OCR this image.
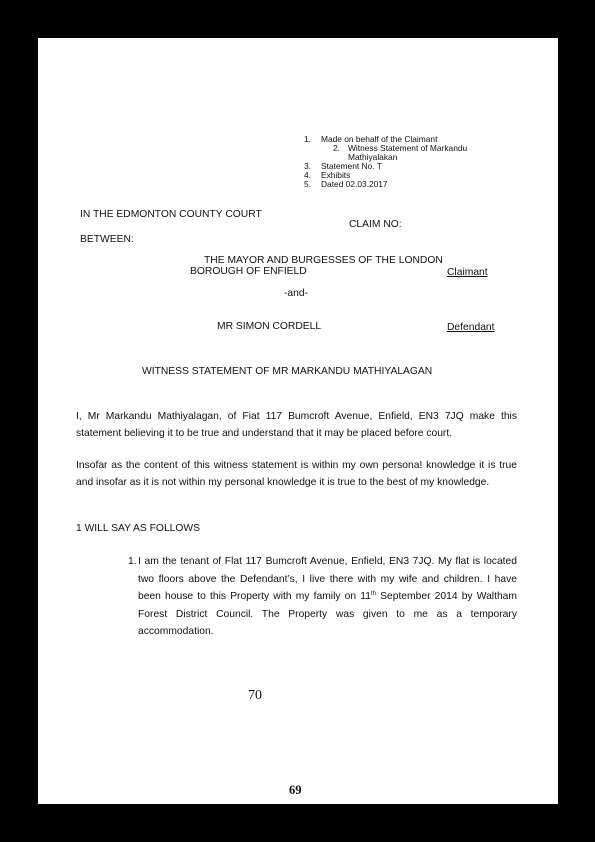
1. Made on behalf of the Claimant
2. Witness Statement of Markandu
Mathiyalakan
3. Statement No. T
4. Exhibits
5. Dated 02.03.2017
IN THE EDMONTON COUNTY COURT
CLAIM NO:
BETWEEN:
THE MAYOR AND BURGESSES OF THE LONDON
BOROUGH OF ENFIELD	Claimant
-and-
MR SIMON CORDELL	Defendant
WITNESS STATEMENT OF MR MARKANDU MATHIYALAGAN
I, Mr Markandu Mathiyalagan, of Fiat 117 Bumcroft Avenue, Enfield, EN3 7JQ make this statement believing it to be true and understand that it may be placed before court.
Insofar as the content of this witness statement is within my own persona! knowledge it is true and insofar as it is not within my personal knowledge it is true to the best of my knowledge.
1 WILL SAY AS FOLLOWS
1. I am the tenant of Flat 117 Bumcroft Avenue, Enfield, EN3 7JQ. My flat is located two floors above the Defendant’s, I live there with my wife and children. I have been house to this Property with my family on 11th September 2014 by Waltham Forest District Council. The Property was given to me as a temporary accommodation.
70
69
